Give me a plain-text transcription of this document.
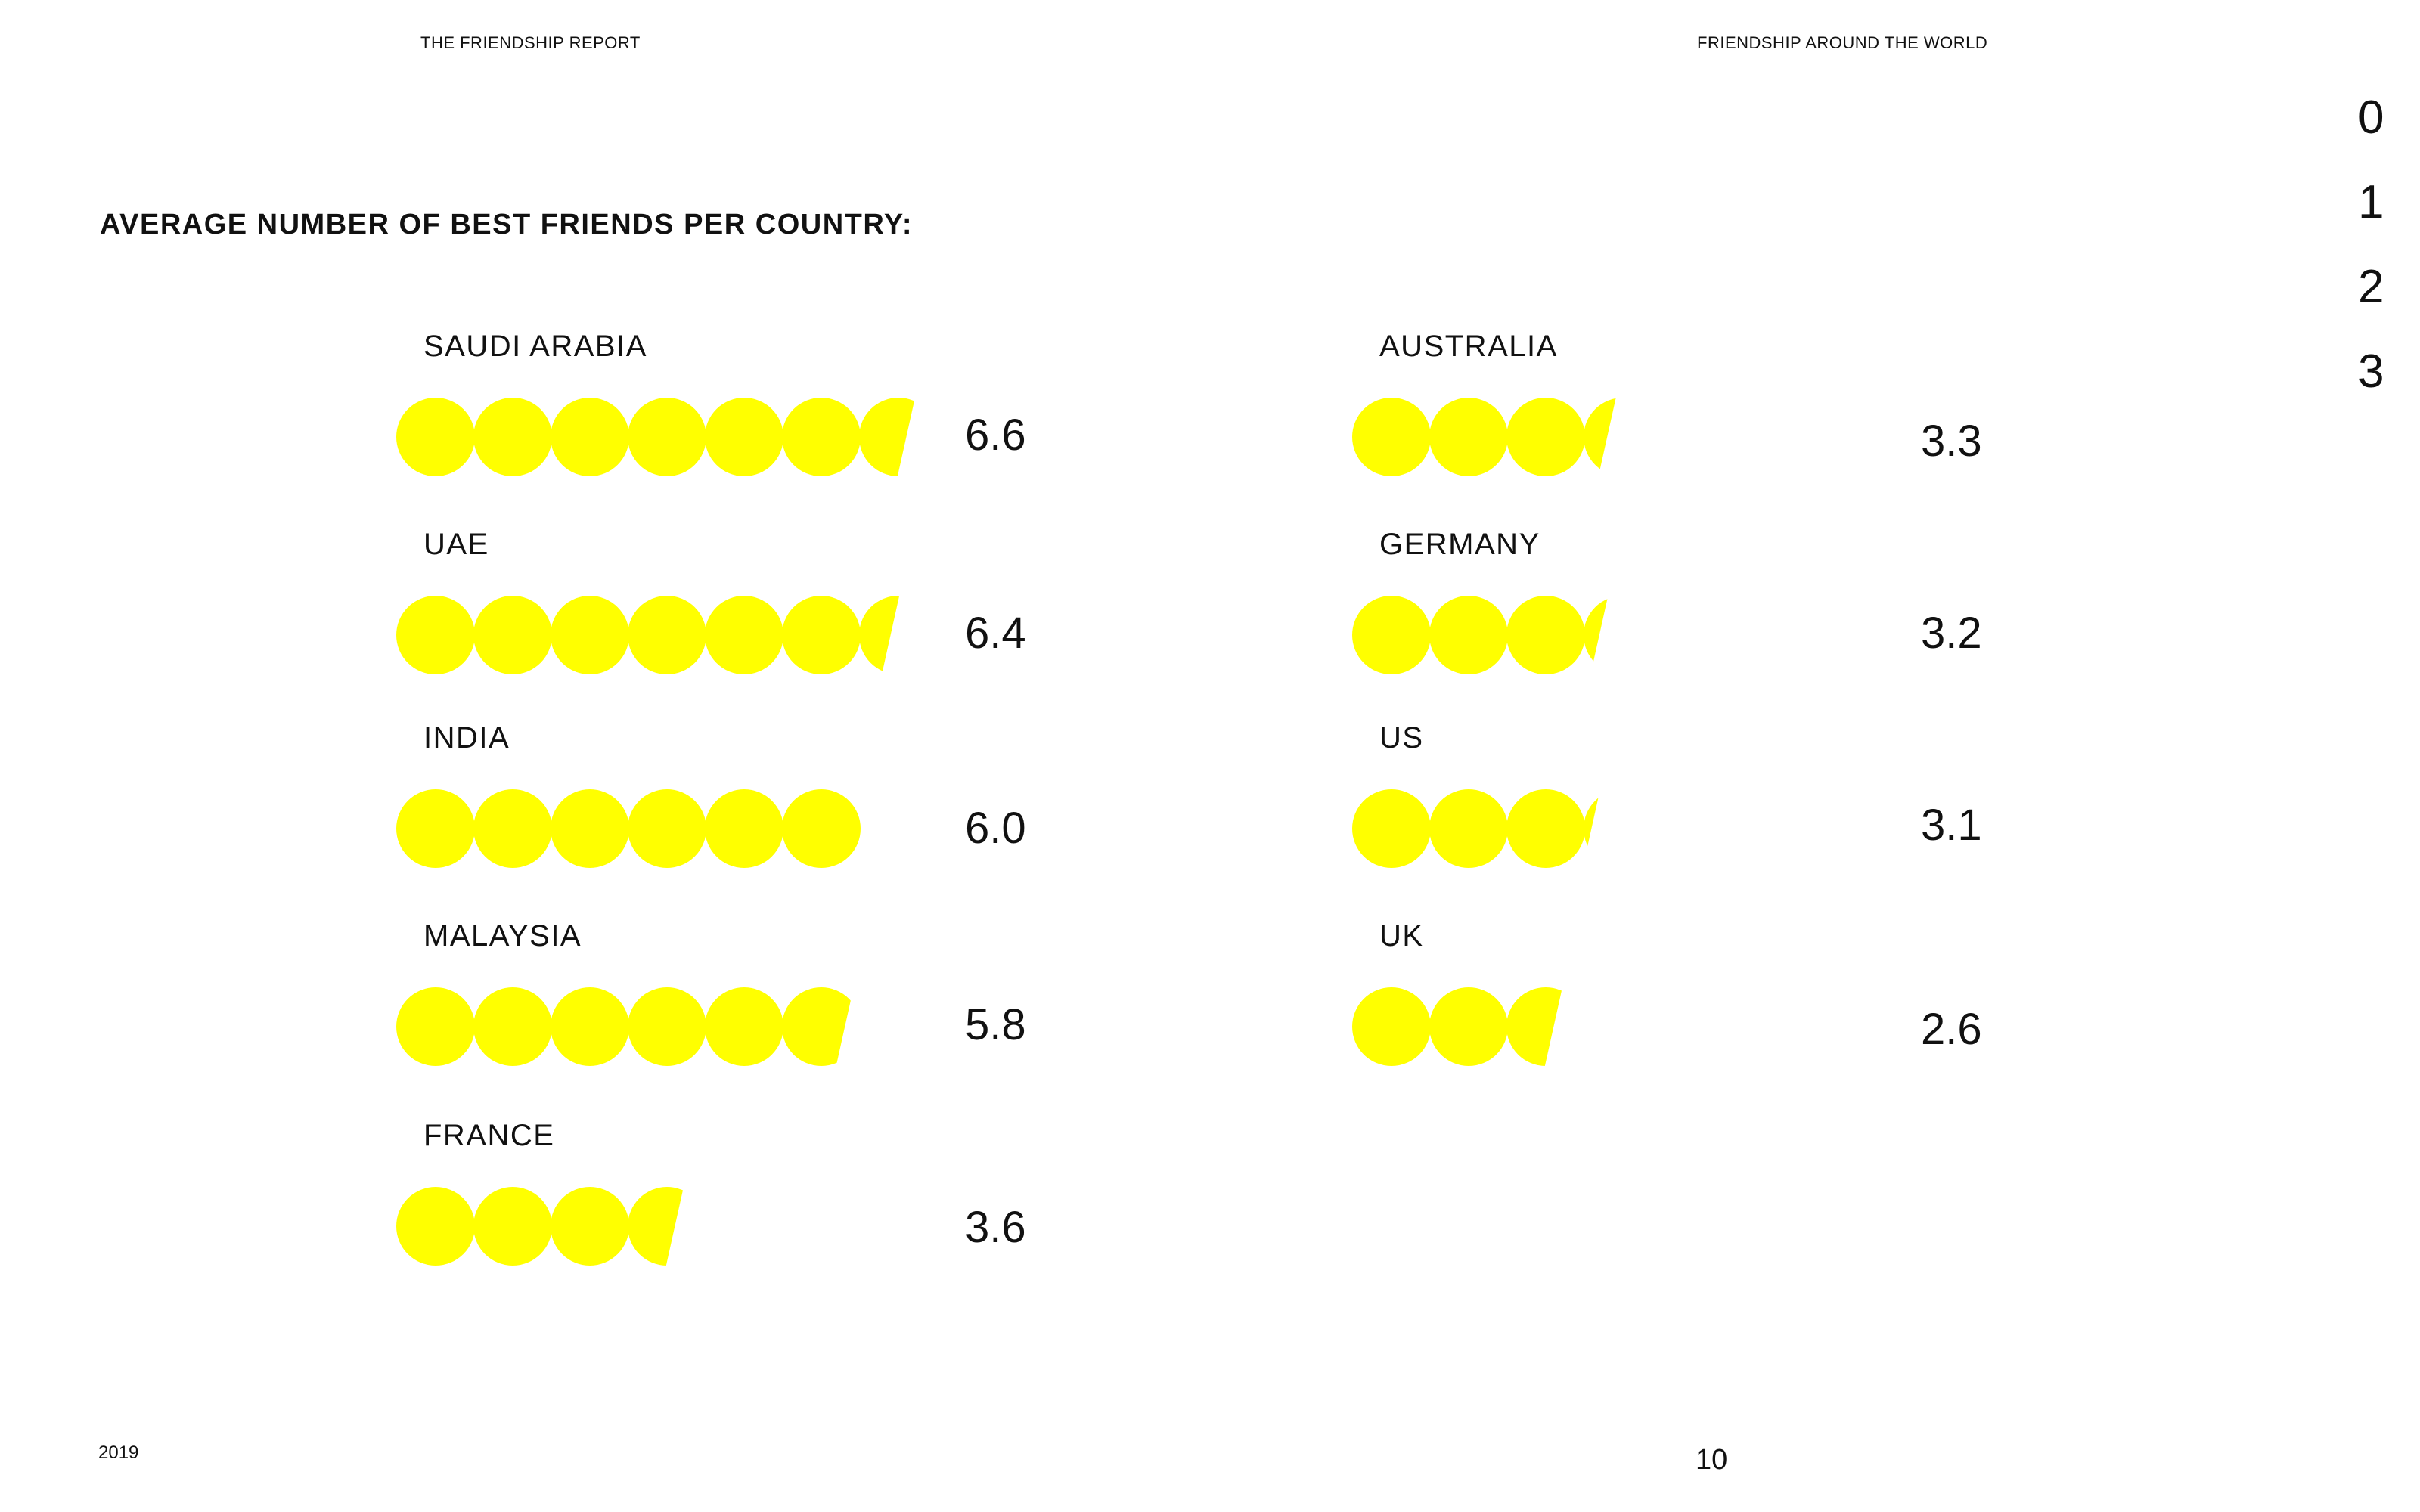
THE FRIENDSHIP REPORT	FRIENDSHIP AROUND THE WORLD
0
1
2
3
AVERAGE NUMBER OF BEST FRIENDS PER COUNTRY:
SAUDI ARABIA
6.6
UAE
6.4
INDIA
6.0
MALAYSIA
5.8
FRANCE
3.6
AUSTRALIA
3.3
GERMANY
3.2
US
3.1
UK
2.6
2019	10
